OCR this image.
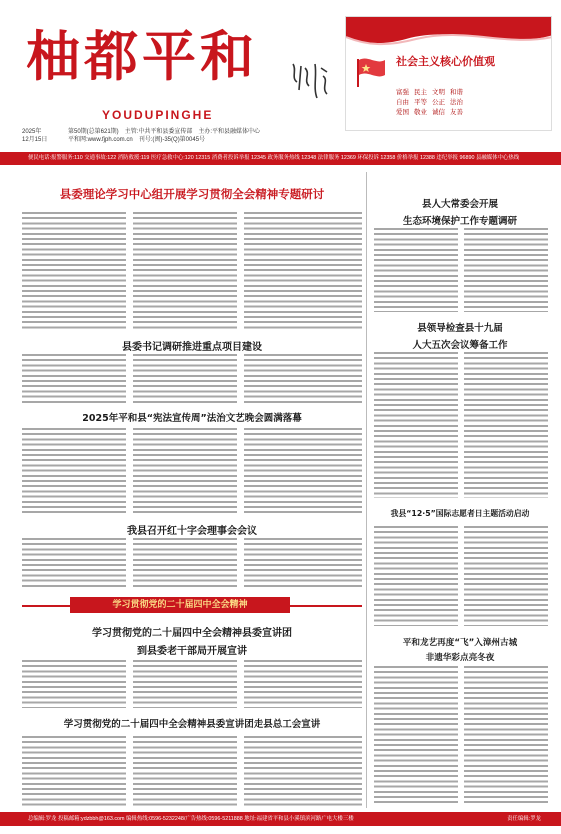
柚都平和
YOUDUPINGHE
2025年
12月15日
第50期(总第621期) 主管:中共平和县委宣传部 主办:平和县融媒体中心
平和网:www.fjph.com.cn 刊号:(闽)-35(Q)第0045号
社会主义核心价值观
富强 民主 文明 和谐
自由 平等 公正 法治
爱国 敬业 诚信 友善
便民电话:报警服务:110 交通事故:122 消防救援:119 医疗急救中心:120 12315 消费者投诉举报 12345 政务服务热线 12348 法律服务 12369 环保投诉 12358 价格举报 12388 违纪举报 96890 县融媒体中心热线
县委理论学习中心组开展学习贯彻全会精神专题研讨
县委书记调研推进重点项目建设
2025年平和县“宪法宣传周”法治文艺晚会圆满落幕
我县召开红十字会理事会会议
学习贯彻党的二十届四中全会精神
学习贯彻党的二十届四中全会精神县委宣讲团
到县委老干部局开展宣讲
学习贯彻党的二十届四中全会精神县委宣讲团走县总工会宣讲
县人大常委会开展
生态环境保护工作专题调研
县领导检查县十九届
人大五次会议筹备工作
我县“12·5”国际志愿者日主题活动启动
平和龙艺再度“飞”入漳州古城
非遗华彩点亮冬夜
总编辑:罗龙 投稿邮箱:ydzbbh@163.com 编辑热线:0596-5232248/广告热线:0596-5211888 地址:福建省平和县小溪镇滨河路广电大楼三楼	责任编辑:罗龙
